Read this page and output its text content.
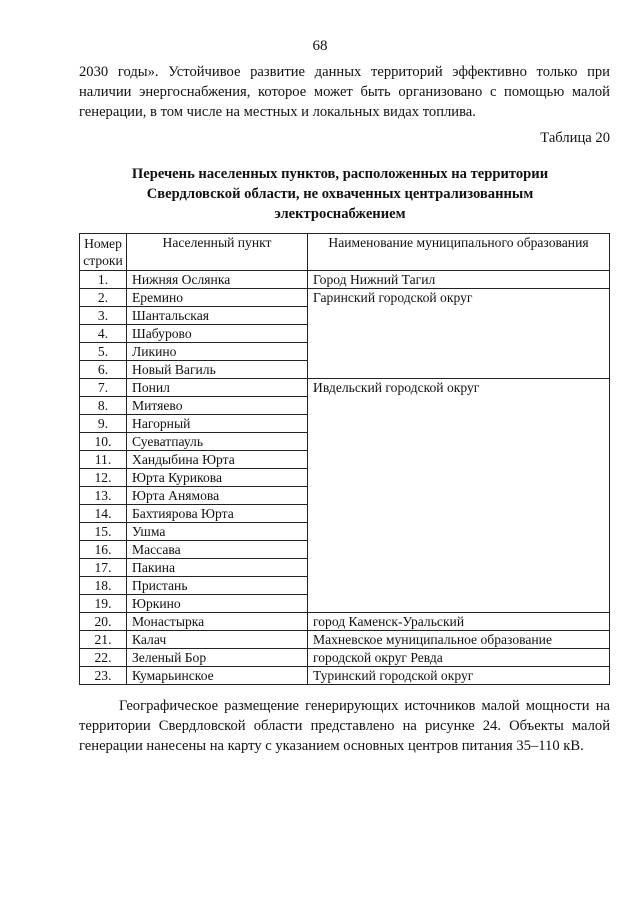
68
2030 годы». Устойчивое развитие данных территорий эффективно только при наличии энергоснабжения, которое может быть организовано с помощью малой генерации, в том числе на местных и локальных видах топлива.
Таблица 20
Перечень населенных пунктов, расположенных на территории Свердловской области, не охваченных централизованным электроснабжением
Номер строки	Населенный пункт	Наименование муниципального образования
1.	Нижняя Ослянка	Город Нижний Тагил
2.	Еремино	Гаринский городской округ
3.	Шантальская	
4.	Шабурово	
5.	Ликино	
6.	Новый Вагиль	
7.	Понил	Ивдельский городской округ
8.	Митяево	
9.	Нагорный	
10.	Суеватпауль	
11.	Хандыбина Юрта	
12.	Юрта Курикова	
13.	Юрта Анямова	
14.	Бахтиярова Юрта	
15.	Ушма	
16.	Массава	
17.	Пакина	
18.	Пристань	
19.	Юркино	
20.	Монастырка	город Каменск-Уральский
21.	Калач	Махневское муниципальное образование
22.	Зеленый Бор	городской округ Ревда
23.	Кумарьинское	Туринский городской округ
Географическое размещение генерирующих источников малой мощности на территории Свердловской области представлено на рисунке 24. Объекты малой генерации нанесены на карту с указанием основных центров питания 35–110 кВ.
